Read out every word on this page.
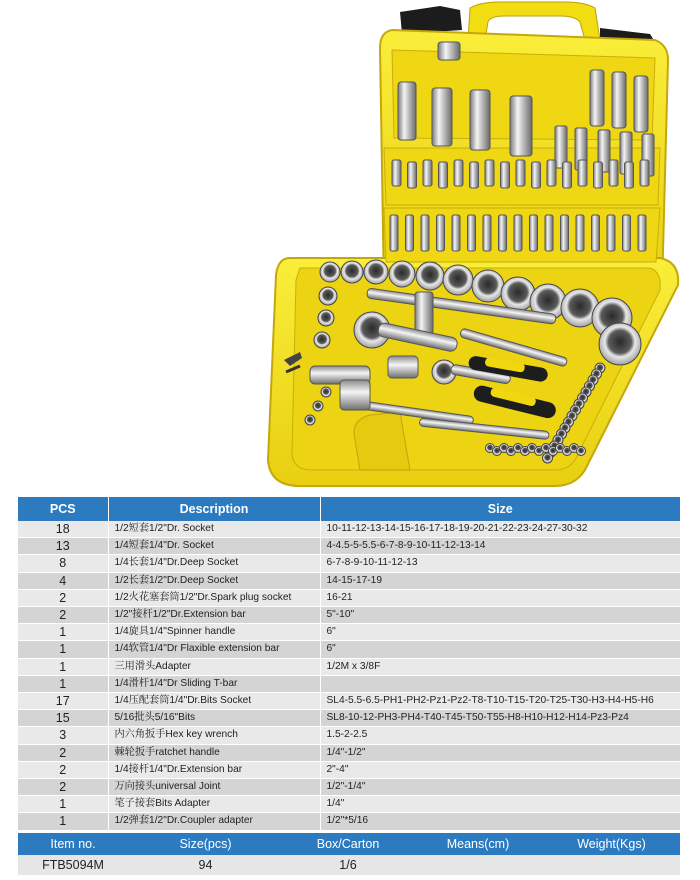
PCS	Description	Size
18	1/2短套1/2"Dr. Socket	10-11-12-13-14-15-16-17-18-19-20-21-22-23-24-27-30-32
13	1/4短套1/4"Dr. Socket	4-4.5-5-5.5-6-7-8-9-10-11-12-13-14
8	1/4长套1/4"Dr.Deep Socket	6-7-8-9-10-11-12-13
4	1/2长套1/2"Dr.Deep Socket	14-15-17-19
2	1/2火花塞套筒1/2"Dr.Spark plug socket	16-21
2	1/2"接杆1/2"Dr.Extension bar	5"-10"
1	1/4旋具1/4"Spinner handle	6"
1	1/4软管1/4"Dr Flaxible extension bar	6"
1	三用滑头Adapter	1/2M x 3/8F
1	1/4滑杆1/4"Dr Sliding T-bar	
17	1/4压配套筒1/4"Dr.Bits Socket	SL4-5.5-6.5-PH1-PH2-Pz1-Pz2-T8-T10-T15-T20-T25-T30-H3-H4-H5-H6
15	5/16批头5/16"Bits	SL8-10-12-PH3-PH4-T40-T45-T50-T55-H8-H10-H12-H14-Pz3-Pz4
3	内六角扳手Hex key wrench	1.5-2-2.5
2	棘轮扳手ratchet handle	1/4"-1/2"
2	1/4接杆1/4"Dr.Extension bar	2"-4"
2	万向接头universal Joint	1/2"-1/4"
1	笔子接套Bits Adapter	1/4"
1	1/2弹套1/2"Dr.Coupler adapter	1/2"*5/16
Item no.	Size(pcs)	Box/Carton	Means(cm)	Weight(Kgs)
FTB5094M	94	1/6		
